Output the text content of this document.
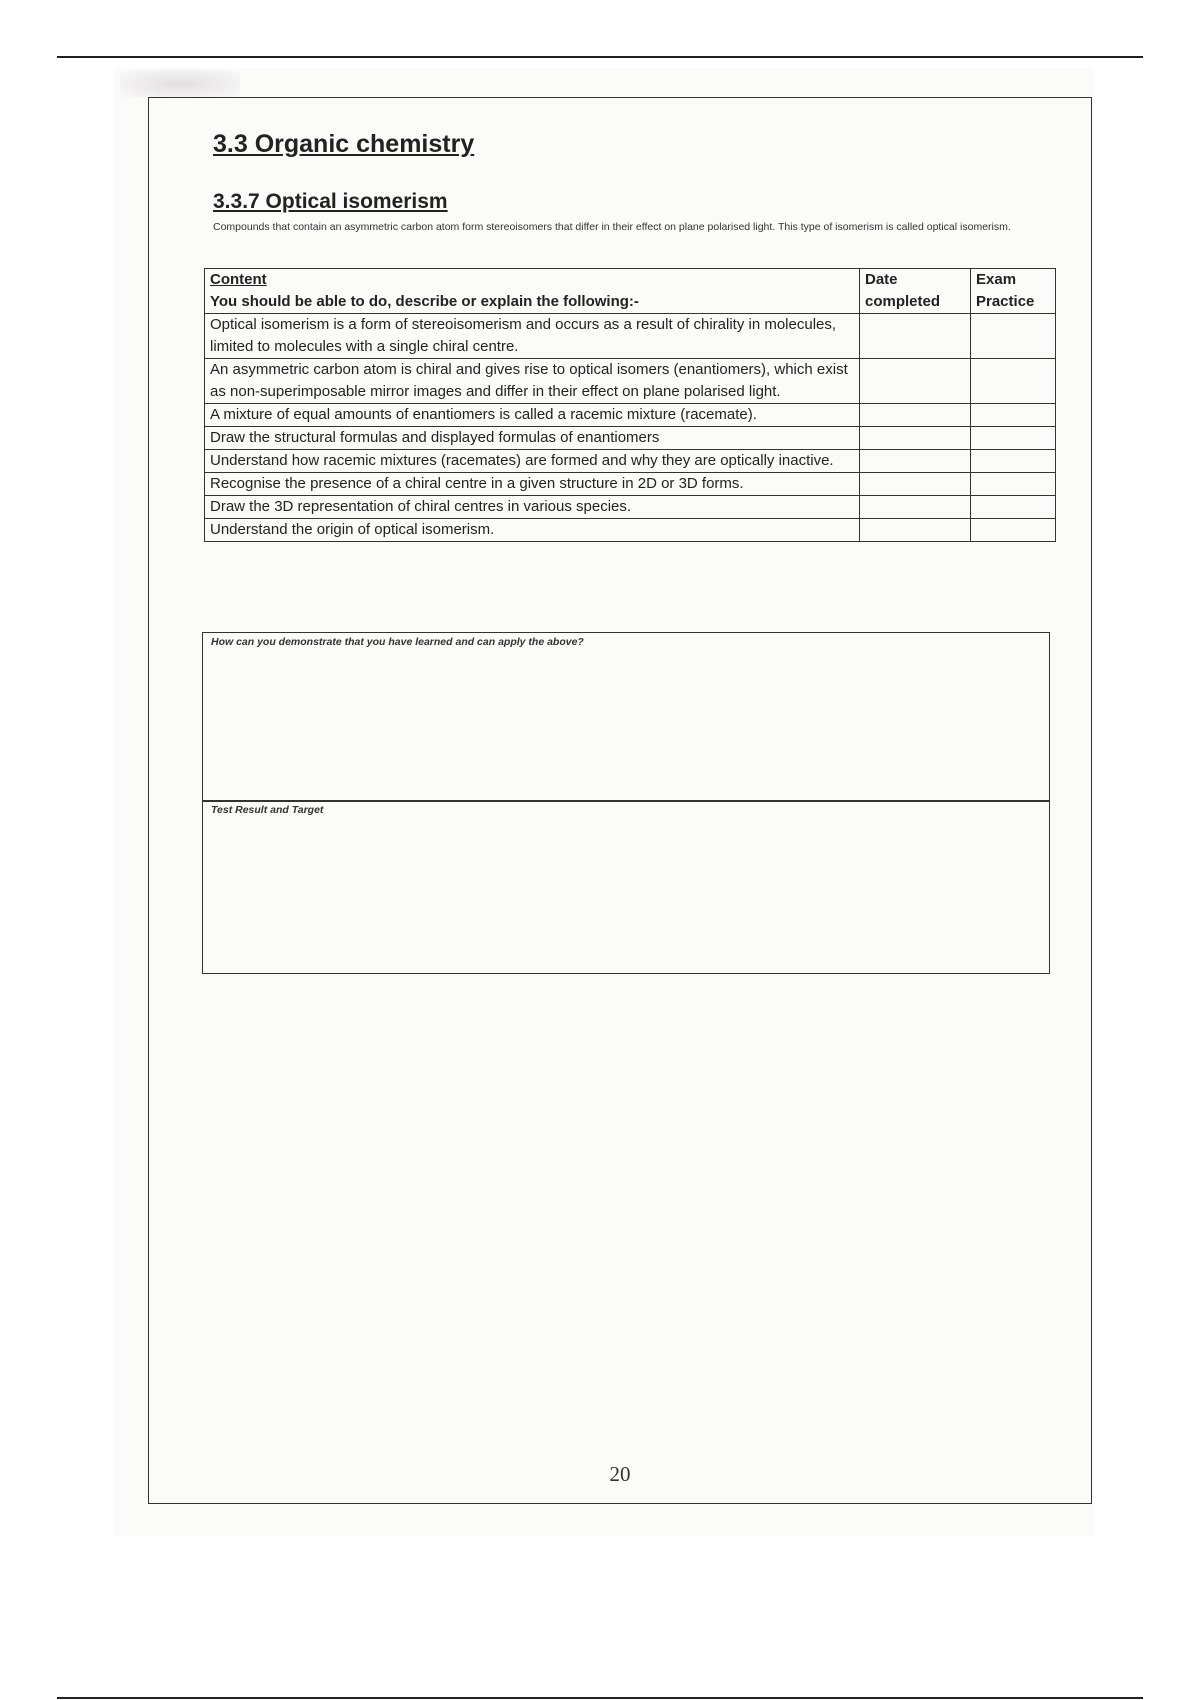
3.3 Organic chemistry
3.3.7 Optical isomerism

Compounds that contain an asymmetric carbon atom form stereoisomers that differ in their effect on plane polarised light. This type of isomerism is called optical isomerism.

Content
You should be able to do, describe or explain the following:-	Date completed	Exam Practice
Optical isomerism is a form of stereoisomerism and occurs as a result of chirality in molecules, limited to molecules with a single chiral centre.		
An asymmetric carbon atom is chiral and gives rise to optical isomers (enantiomers), which exist as non-superimposable mirror images and differ in their effect on plane polarised light.		
A mixture of equal amounts of enantiomers is called a racemic mixture (racemate).		
Draw the structural formulas and displayed formulas of enantiomers		
Understand how racemic mixtures (racemates) are formed and why they are optically inactive.		
Recognise the presence of a chiral centre in a given structure in 2D or 3D forms.		
Draw the 3D representation of chiral centres in various species.		
Understand the origin of optical isomerism.		
How can you demonstrate that you have learned and can apply the above?
Test Result and Target
20
